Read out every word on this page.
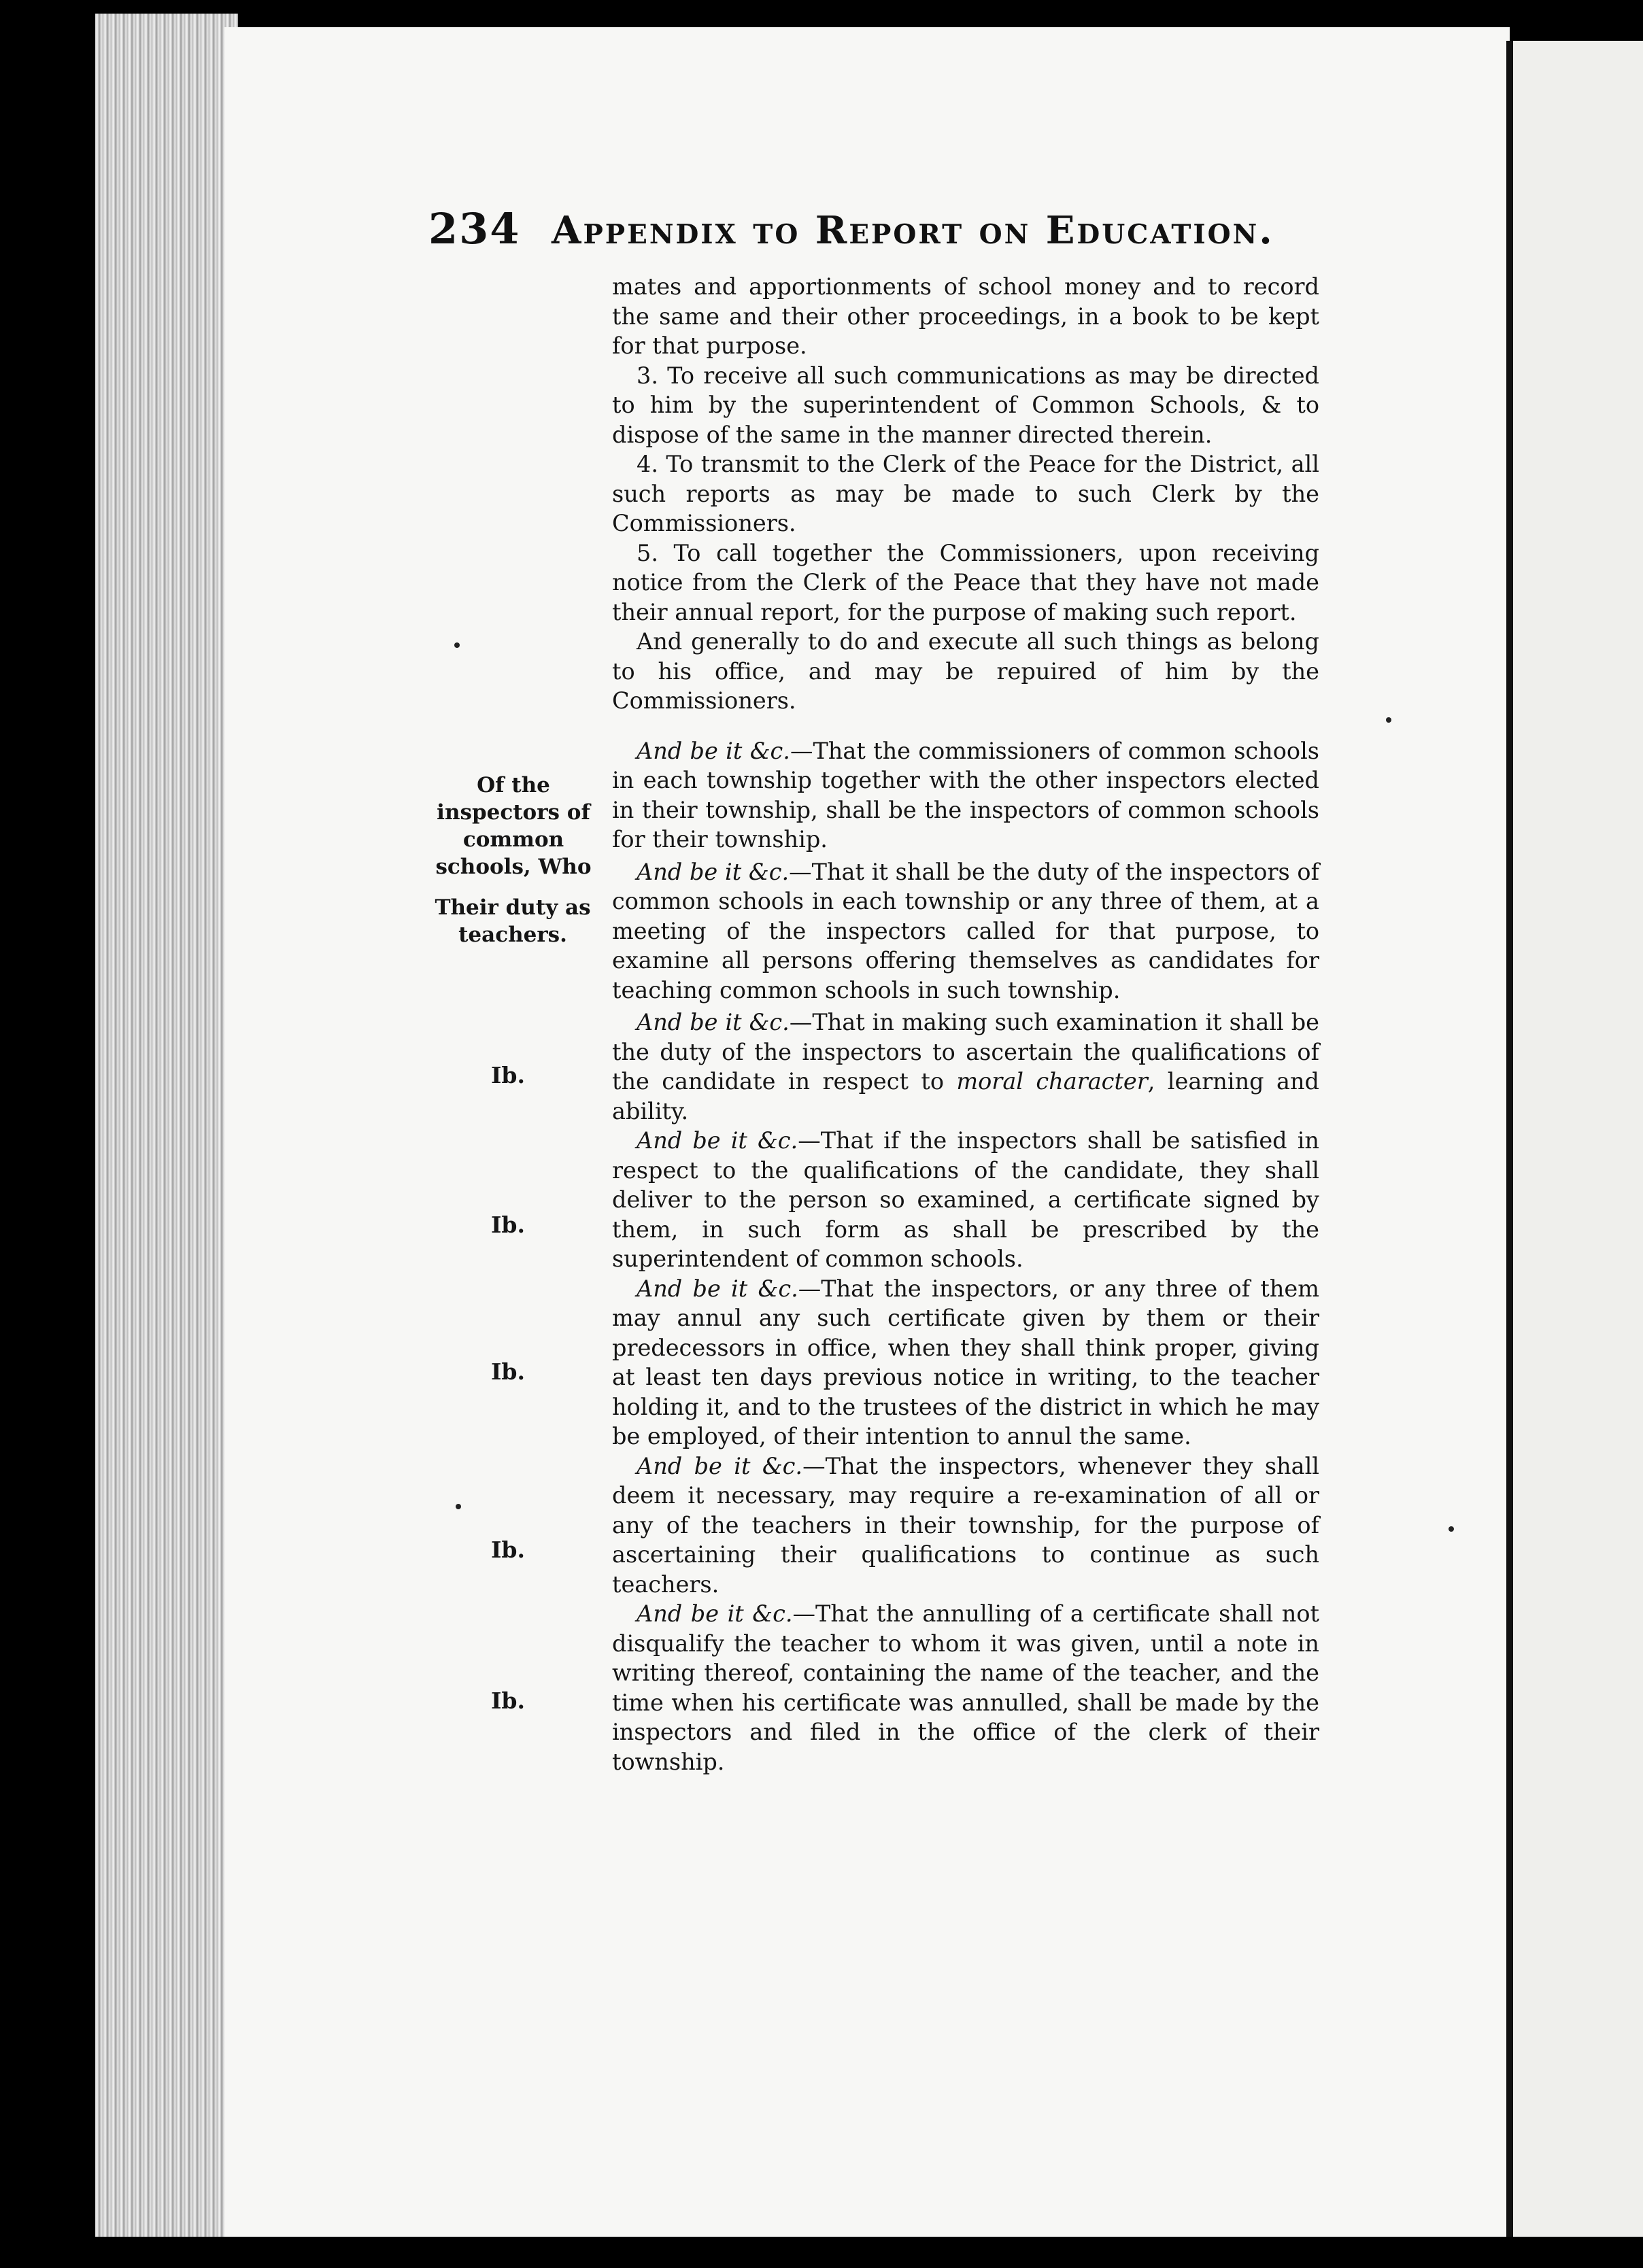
234 Appendix to Report on Education.
Of the inspectors of common schools, Who
Their duty as teachers.
Ib.
Ib.
Ib.
Ib.
Ib.

mates and apportionments of school money and to record the same and their other proceedings, in a book to be kept for that purpose.

3. To receive all such communications as may be directed to him by the superintendent of Common Schools, & to dispose of the same in the manner directed therein.

4. To transmit to the Clerk of the Peace for the District, all such reports as may be made to such Clerk by the Commissioners.

5. To call together the Commissioners, upon receiving notice from the Clerk of the Peace that they have not made their annual report, for the purpose of making such report.

And generally to do and execute all such things as belong to his office, and may be repuired of him by the Commissioners.

And be it &c.—That the commissioners of common schools in each township together with the other inspectors elected in their township, shall be the inspectors of common schools for their township.

And be it &c.—That it shall be the duty of the inspectors of common schools in each township or any three of them, at a meeting of the inspectors called for that purpose, to examine all persons offering themselves as candidates for teaching common schools in such township.

And be it &c.—That in making such examination it shall be the duty of the inspectors to ascertain the qualifications of the candidate in respect to moral character, learning and ability.

And be it &c.—That if the inspectors shall be satisfied in respect to the qualifications of the candidate, they shall deliver to the person so examined, a certificate signed by them, in such form as shall be prescribed by the superintendent of common schools.

And be it &c.—That the inspectors, or any three of them may annul any such certificate given by them or their predecessors in office, when they shall think proper, giving at least ten days previous notice in writing, to the teacher holding it, and to the trustees of the district in which he may be employed, of their intention to annul the same.

And be it &c.—That the inspectors, whenever they shall deem it necessary, may require a re-examination of all or any of the teachers in their township, for the purpose of ascertaining their qualifications to continue as such teachers.

And be it &c.—That the annulling of a certificate shall not disqualify the teacher to whom it was given, until a note in writing thereof, containing the name of the teacher, and the time when his certificate was annulled, shall be made by the inspectors and filed in the office of the clerk of their township.
